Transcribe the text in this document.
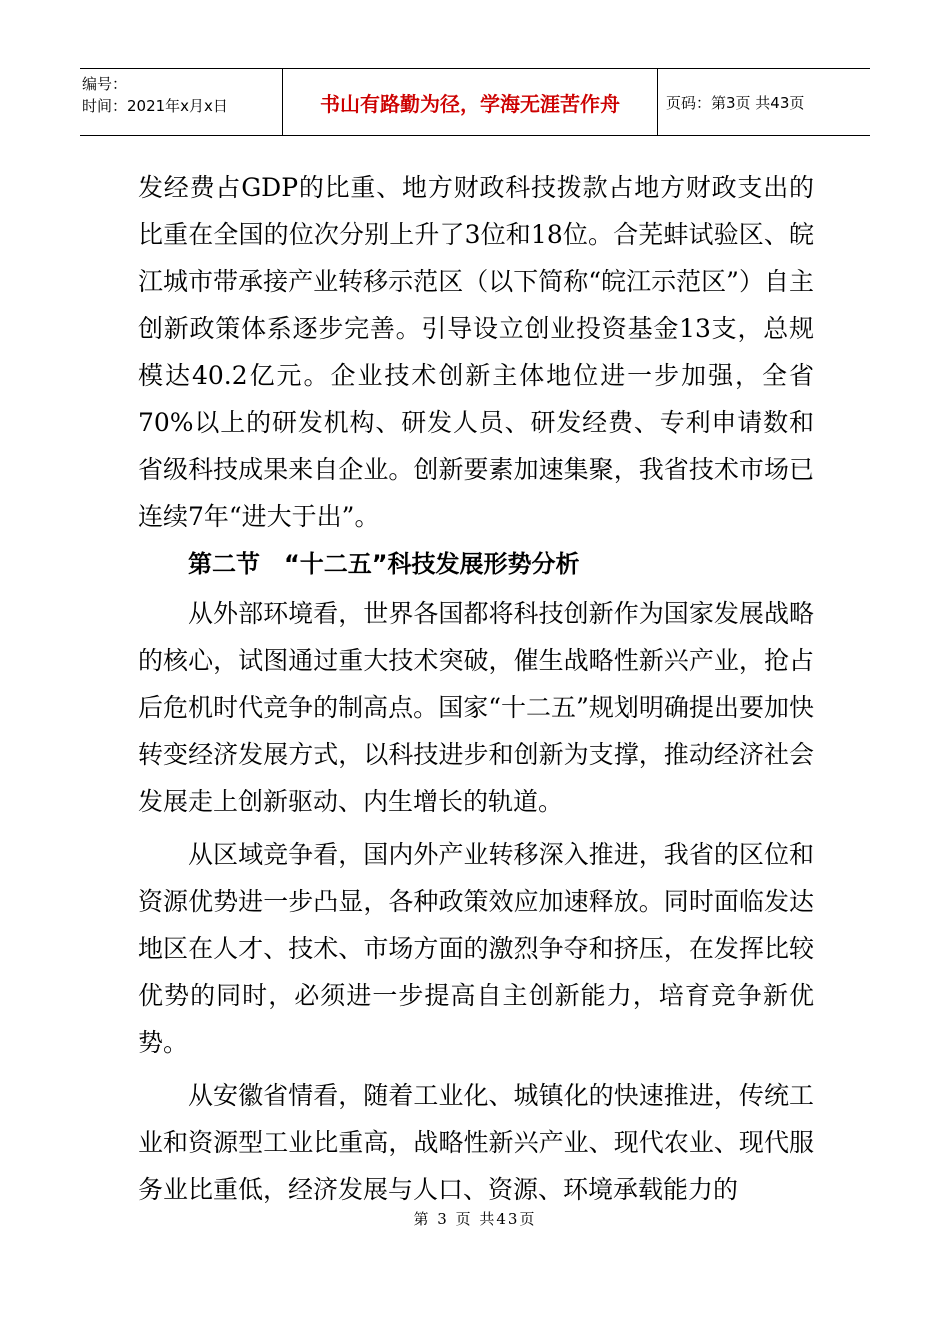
编号：
时间：2021年x月x日	书山有路勤为径，学海无涯苦作舟	页码：第3页 共43页

发经费占GDP的比重、地方财政科技拨款占地方财政支出的比重在全国的位次分别上升了3位和18位。合芜蚌试验区、皖江城市带承接产业转移示范区（以下简称“皖江示范区”）自主创新政策体系逐步完善。引导设立创业投资基金13支，总规模达40.2亿元。企业技术创新主体地位进一步加强，全省70%以上的研发机构、研发人员、研发经费、专利申请数和省级科技成果来自企业。创新要素加速集聚，我省技术市场已连续7年“进大于出”。

第二节　“十二五”科技发展形势分析

从外部环境看，世界各国都将科技创新作为国家发展战略的核心，试图通过重大技术突破，催生战略性新兴产业，抢占后危机时代竞争的制高点。国家“十二五”规划明确提出要加快转变经济发展方式，以科技进步和创新为支撑，推动经济社会发展走上创新驱动、内生增长的轨道。

从区域竞争看，国内外产业转移深入推进，我省的区位和资源优势进一步凸显，各种政策效应加速释放。同时面临发达地区在人才、技术、市场方面的激烈争夺和挤压，在发挥比较优势的同时，必须进一步提高自主创新能力，培育竞争新优势。

从安徽省情看，随着工业化、城镇化的快速推进，传统工业和资源型工业比重高，战略性新兴产业、现代农业、现代服务业比重低，经济发展与人口、资源、环境承载能力的

第 3 页 共43页
